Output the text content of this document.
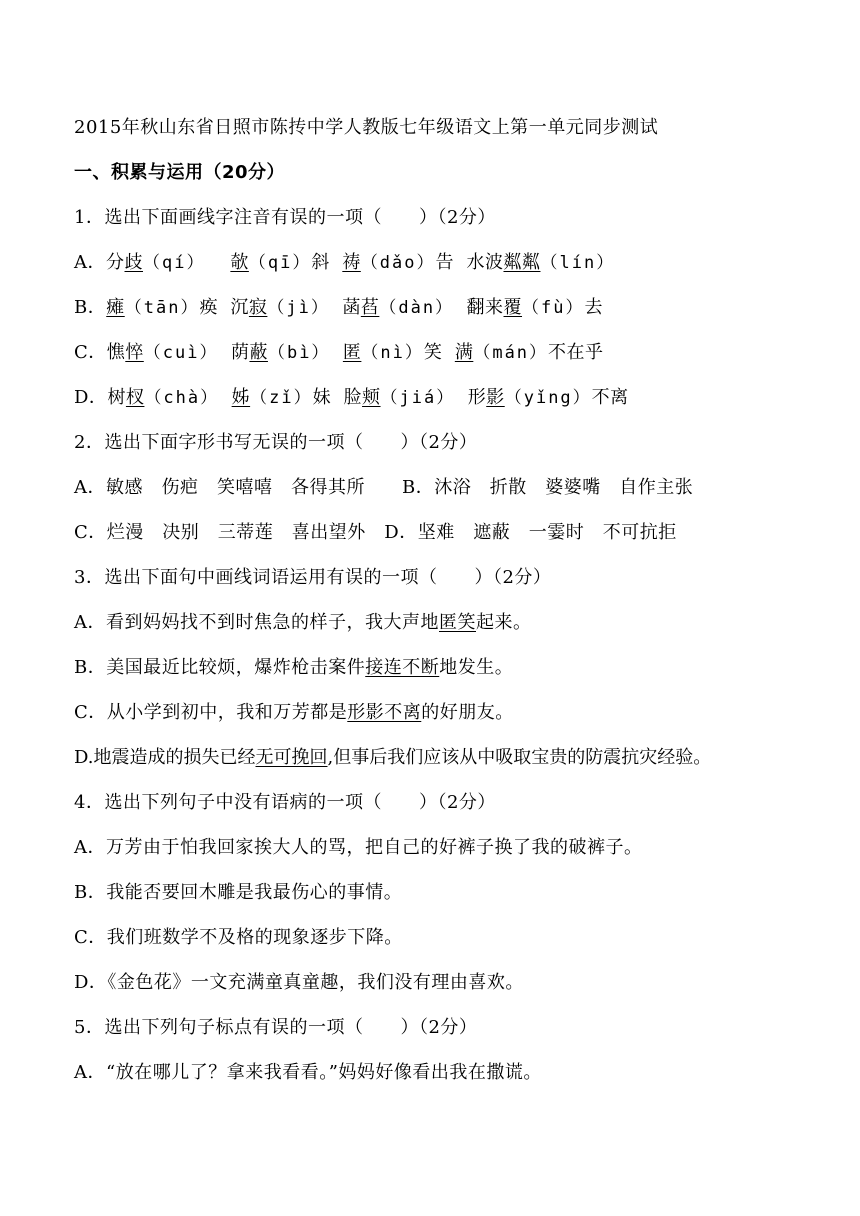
2015年秋山东省日照市陈抟中学人教版七年级语文上第一单元同步测试
一、积累与运用（20分）
1．选出下面画线字注音有误的一项（　　）（2分）
A．分歧（qí） 欹（qī）斜 祷（dǎo）告 水波粼粼（lín）
B．瘫（tān）痪 沉寂（jì） 菡萏（dàn） 翻来覆（fù）去
C．憔悴（cuì） 荫蔽（bì） 匿（nì）笑 满（mán）不在乎
D．树杈（chà） 姊（zǐ）妹 脸颊（jiá） 形影（yǐng）不离
2．选出下面字形书写无误的一项（　　）（2分）
A．敏感　伤疤　笑嘻嘻　各得其所　　B．沐浴　折散　婆婆嘴　自作主张
C．烂漫　决别　三蒂莲　喜出望外　D．坚难　遮蔽　一霎时　不可抗拒
3．选出下面句中画线词语运用有误的一项（　　）（2分）
A．看到妈妈找不到时焦急的样子，我大声地匿笑起来。
B．美国最近比较烦，爆炸枪击案件接连不断地发生。
C．从小学到初中，我和万芳都是形影不离的好朋友。
D.地震造成的损失已经无可挽回,但事后我们应该从中吸取宝贵的防震抗灾经验。
4．选出下列句子中没有语病的一项（　　）（2分）
A．万芳由于怕我回家挨大人的骂，把自己的好裤子换了我的破裤子。
B．我能否要回木雕是我最伤心的事情。
C．我们班数学不及格的现象逐步下降。
D．《金色花》一文充满童真童趣，我们没有理由喜欢。
5．选出下列句子标点有误的一项（　　）（2分）
A．“放在哪儿了？拿来我看看。”妈妈好像看出我在撒谎。
